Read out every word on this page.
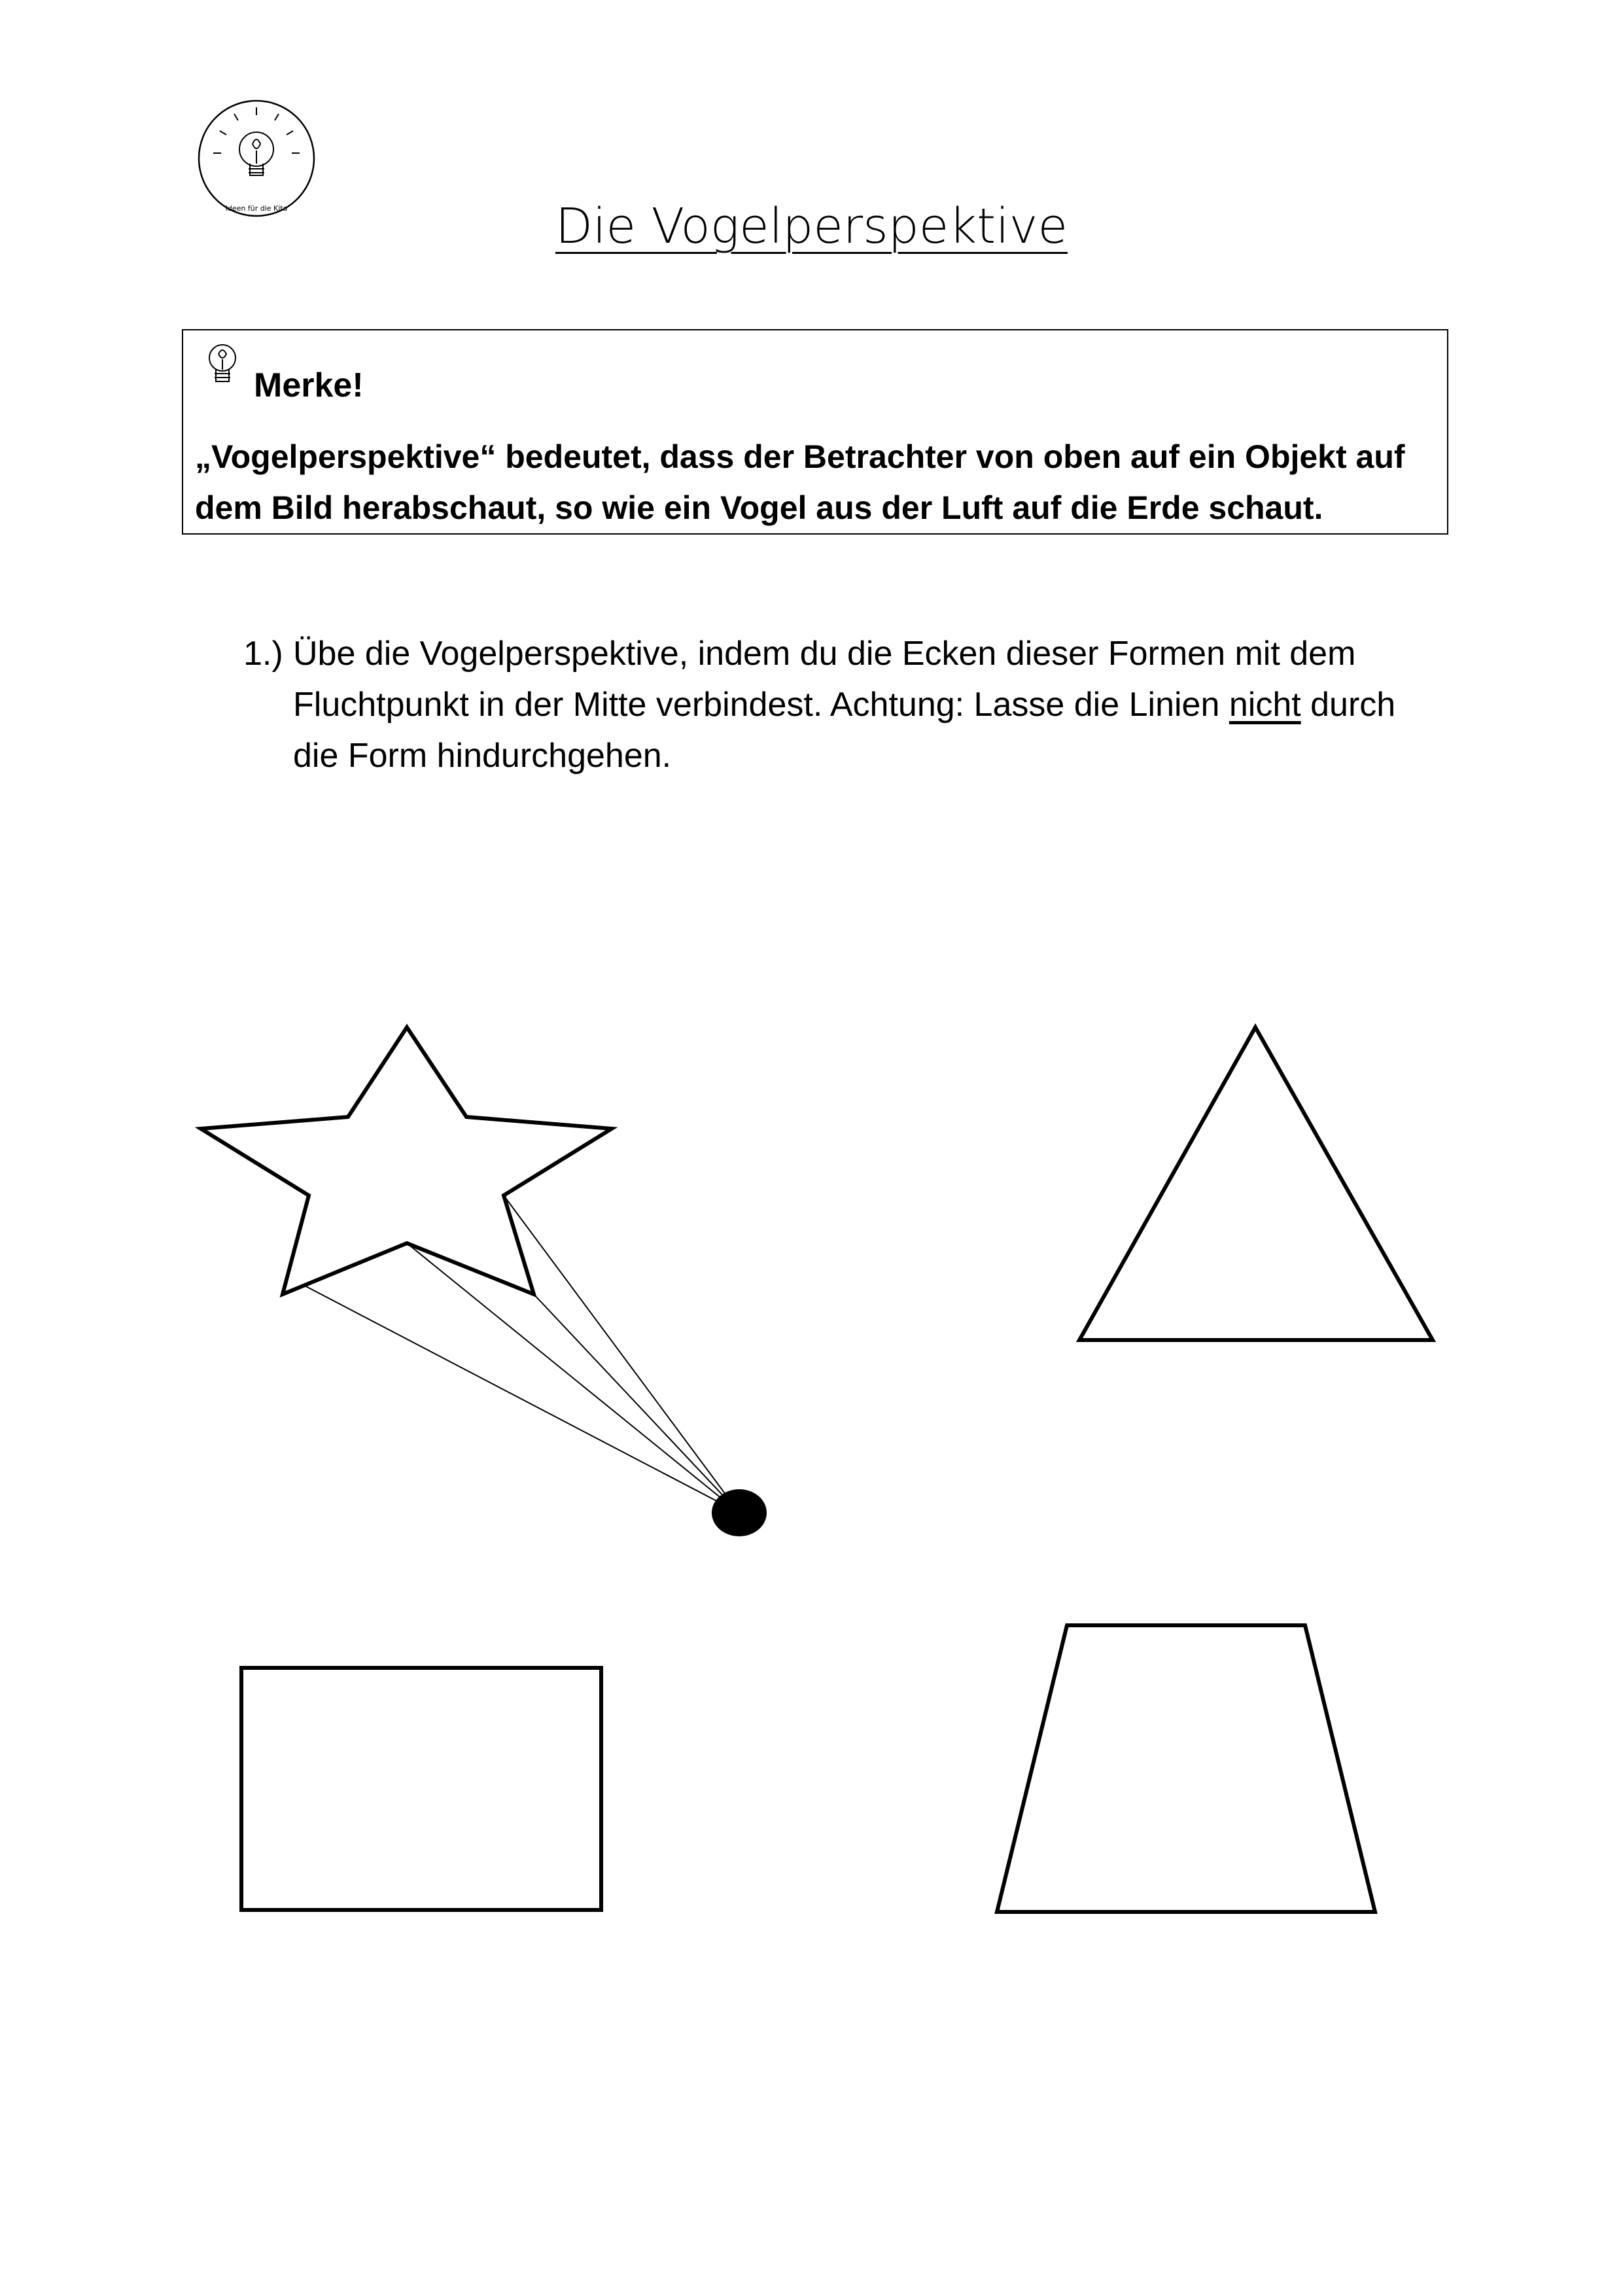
Ideen für die Kita	Die Vogelperspektive
Merke!
„Vogelperspektive“ bedeutet, dass der Betrachter von oben auf ein Objekt auf dem Bild herabschaut, so wie ein Vogel aus der Luft auf die Erde schaut.
1.) Übe die Vogelperspektive, indem du die Ecken dieser Formen mit dem Fluchtpunkt in der Mitte verbindest. Achtung: Lasse die Linien nicht durch die Form hindurchgehen.
